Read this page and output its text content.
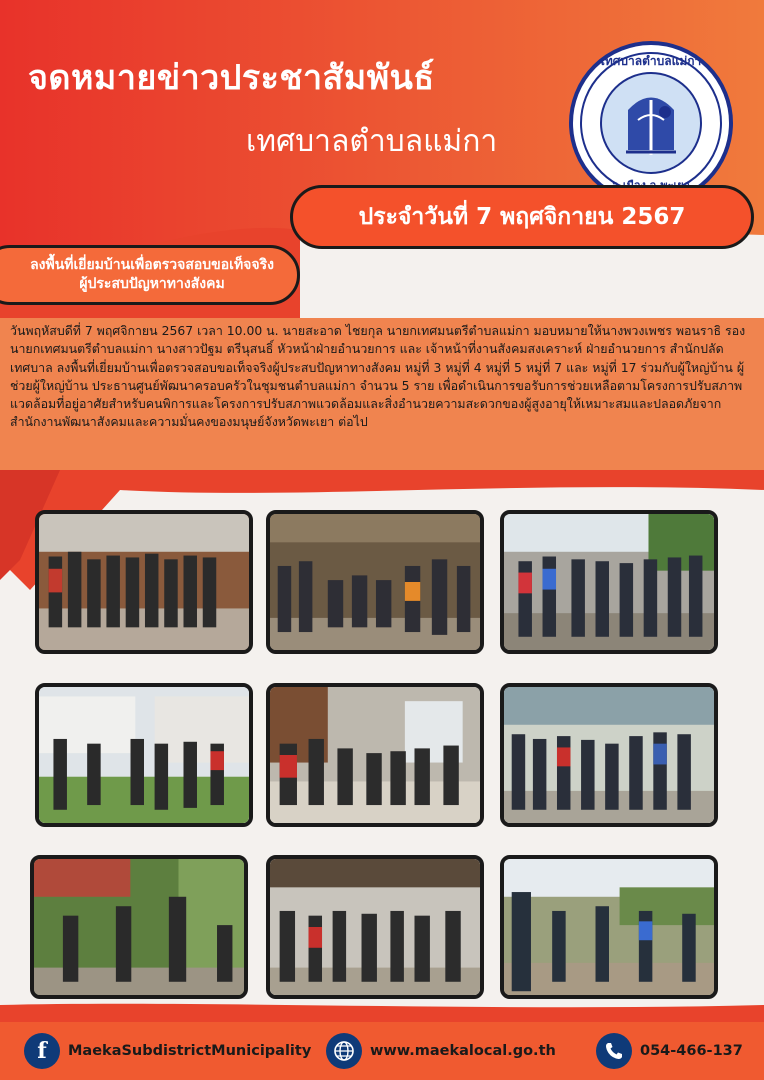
จดหมายข่าวประชาสัมพันธ์
เทศบาลตำบลแม่กา
เทศบาลตำบลแม่กา
ประจำวันที่ 7 พฤศจิกายน 2567
ลงพื้นที่เยี่ยมบ้านเพื่อตรวจสอบขอเท็จจริง
ผู้ประสบปัญหาทางสังคม
วันพฤหัสบดีที่ 7 พฤศจิกายน 2567 เวลา 10.00 น. นายสะอาด ไชยกุล นายกเทศมนตรีตำบลแม่กา มอบหมายให้นางพวงเพชร พอนราธิ รองนายกเทศมนตรีตำบลแม่กา นางสาวปัฐม ตรีนุสนธิ์ หัวหน้าฝ่ายอำนวยการ และ เจ้าหน้าที่งานสังคมสงเคราะห์ ฝ่ายอำนวยการ สำนักปลัดเทศบาล ลงพื้นที่เยี่ยมบ้านเพื่อตรวจสอบขอเท็จจริงผู้ประสบปัญหาทางสังคม หมู่ที่ 3 หมู่ที่ 4 หมู่ที่ 5 หมู่ที่ 7 และ หมู่ที่ 17 ร่วมกับผู้ใหญ่บ้าน ผู้ช่วยผู้ใหญ่บ้าน ประธานศูนย์พัฒนาครอบครัวในชุมชนตำบลแม่กา จำนวน 5 ราย เพื่อดำเนินการขอรับการช่วยเหลือตามโครงการปรับสภาพแวดล้อมที่อยู่อาศัยสำหรับคนพิการและโครงการปรับสภาพแวดล้อมและสิ่งอำนวยความสะดวกของผู้สูงอายุให้เหมาะสมและปลอดภัยจากสำนักงานพัฒนาสังคมและความมั่นคงของมนุษย์จังหวัดพะเยา ต่อไป
f	MaekaSubdistrictMunicipality	www.maekalocal.go.th	054-466-137
